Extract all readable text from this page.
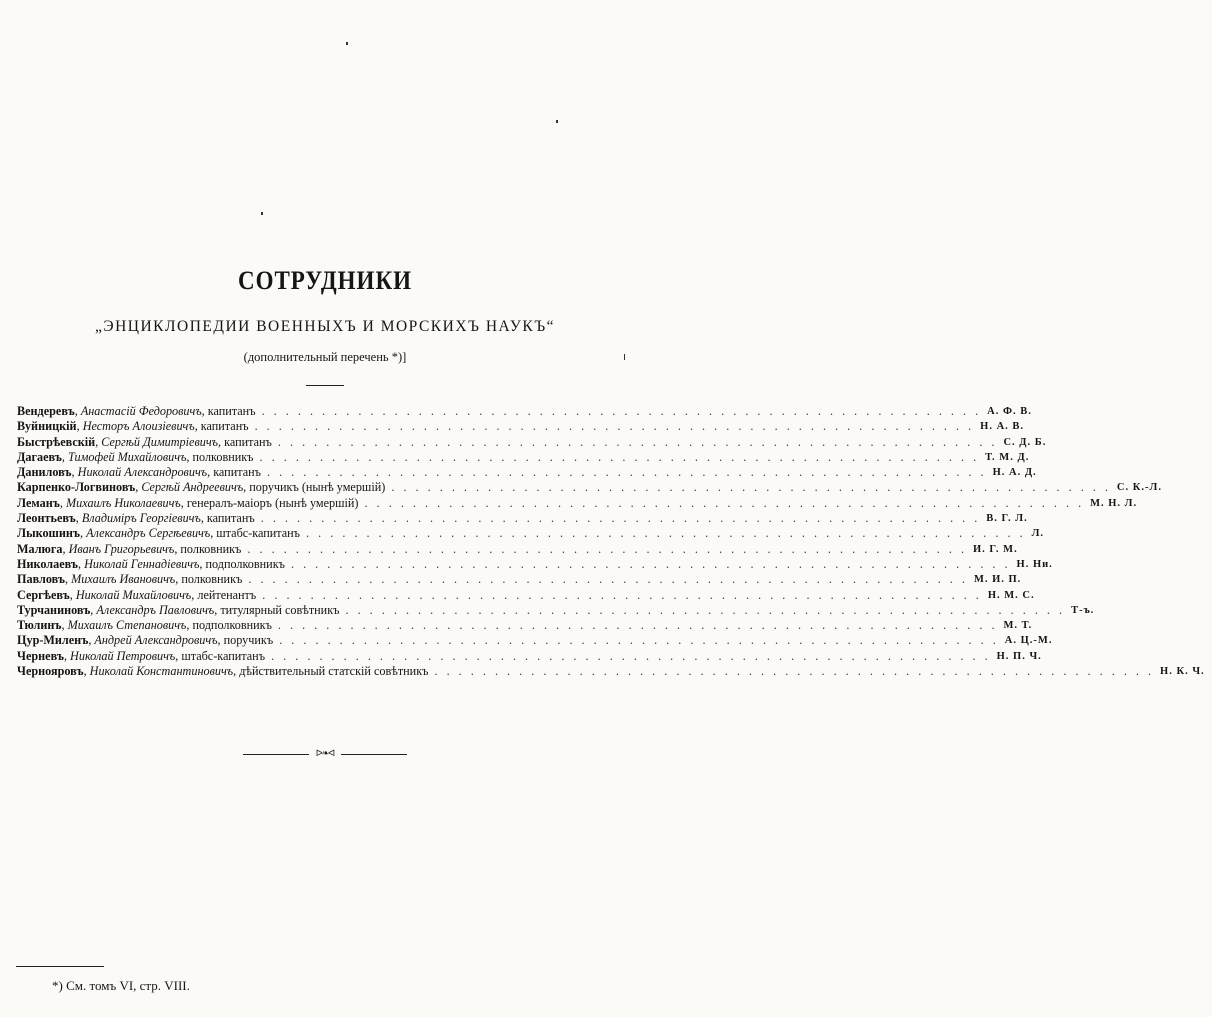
СОТРУДНИКИ
„ЭНЦИКЛОПЕДИИ ВОЕННЫХЪ И МОРСКИХЪ НАУКЪ“
(дополнительный перечень *)]
Вендеревъ, Анастасій Федоровичъ, капитанъ . . . . . . . . . . . . . . . . . . . . . . . . . . . . . . . . . . . . . . . . . . . . . . . . . . . . . . . . . . . . А. Ф. В.
Вуйницкій, Несторъ Алоизіевичъ, капитанъ . . . . . . . . . . . . . . . . . . . . . . . . . . . . . . . . . . . . . . . . . . . . . . . . . . . . . . . . . . . . Н. А. В.
Быстрѣевскій, Сергѣй Димитріевичъ, капитанъ . . . . . . . . . . . . . . . . . . . . . . . . . . . . . . . . . . . . . . . . . . . . . . . . . . . . . . . . . . . . С. Д. Б.
Дагаевъ, Тимофей Михайловичъ, полковникъ . . . . . . . . . . . . . . . . . . . . . . . . . . . . . . . . . . . . . . . . . . . . . . . . . . . . . . . . . . . . Т. М. Д.
Даниловъ, Николай Александровичъ, капитанъ . . . . . . . . . . . . . . . . . . . . . . . . . . . . . . . . . . . . . . . . . . . . . . . . . . . . . . . . . . . . Н. А. Д.
Карпенко-Логвиновъ, Сергѣй Андреевичъ, поручикъ (нынѣ умершій) . . . . . . . . . . . . . . . . . . . . . . . . . . . . . . . . . . . . . . . . . . . . . . . . . . . . . . . . . . . . С. К.-Л.
Леманъ, Михаилъ Николаевичъ, генералъ-маіоръ (нынѣ умершій) . . . . . . . . . . . . . . . . . . . . . . . . . . . . . . . . . . . . . . . . . . . . . . . . . . . . . . . . . . . . М. Н. Л.
Леонтьевъ, Владиміръ Георгіевичъ, капитанъ . . . . . . . . . . . . . . . . . . . . . . . . . . . . . . . . . . . . . . . . . . . . . . . . . . . . . . . . . . . . В. Г. Л.
Лыкошинъ, Александръ Сергѣевичъ, штабс-капитанъ . . . . . . . . . . . . . . . . . . . . . . . . . . . . . . . . . . . . . . . . . . . . . . . . . . . . . . . . . . . . Л.
Малюга, Иванъ Григорьевичъ, полковникъ . . . . . . . . . . . . . . . . . . . . . . . . . . . . . . . . . . . . . . . . . . . . . . . . . . . . . . . . . . . . И. Г. М.
Николаевъ, Николай Геннадіевичъ, подполковникъ . . . . . . . . . . . . . . . . . . . . . . . . . . . . . . . . . . . . . . . . . . . . . . . . . . . . . . . . . . . . Н. Ни.
Павловъ, Михаилъ Ивановичъ, полковникъ . . . . . . . . . . . . . . . . . . . . . . . . . . . . . . . . . . . . . . . . . . . . . . . . . . . . . . . . . . . . М. И. П.
Сергѣевъ, Николай Михайловичъ, лейтенантъ . . . . . . . . . . . . . . . . . . . . . . . . . . . . . . . . . . . . . . . . . . . . . . . . . . . . . . . . . . . . Н. М. С.
Турчаниновъ, Александръ Павловичъ, титулярный совѣтникъ . . . . . . . . . . . . . . . . . . . . . . . . . . . . . . . . . . . . . . . . . . . . . . . . . . . . . . . . . . . . Т-ъ.
Тюлинъ, Михаилъ Степановичъ, подполковникъ . . . . . . . . . . . . . . . . . . . . . . . . . . . . . . . . . . . . . . . . . . . . . . . . . . . . . . . . . . . . М. Т.
Цур-Миленъ, Андрей Александровичъ, поручикъ . . . . . . . . . . . . . . . . . . . . . . . . . . . . . . . . . . . . . . . . . . . . . . . . . . . . . . . . . . . . А. Ц.-М.
Черневъ, Николай Петровичъ, штабс-капитанъ . . . . . . . . . . . . . . . . . . . . . . . . . . . . . . . . . . . . . . . . . . . . . . . . . . . . . . . . . . . . Н. П. Ч.
Чернояровъ, Николай Константиновичъ, дѣйствительный статскій совѣтникъ . . . . . . . . . . . . . . . . . . . . . . . . . . . . . . . . . . . . . . . . . . . . . . . . . . . . . . . . . . . . Н. К. Ч.
ᐅ❧ᐊ
*) См. томъ VI, стр. VIII.
